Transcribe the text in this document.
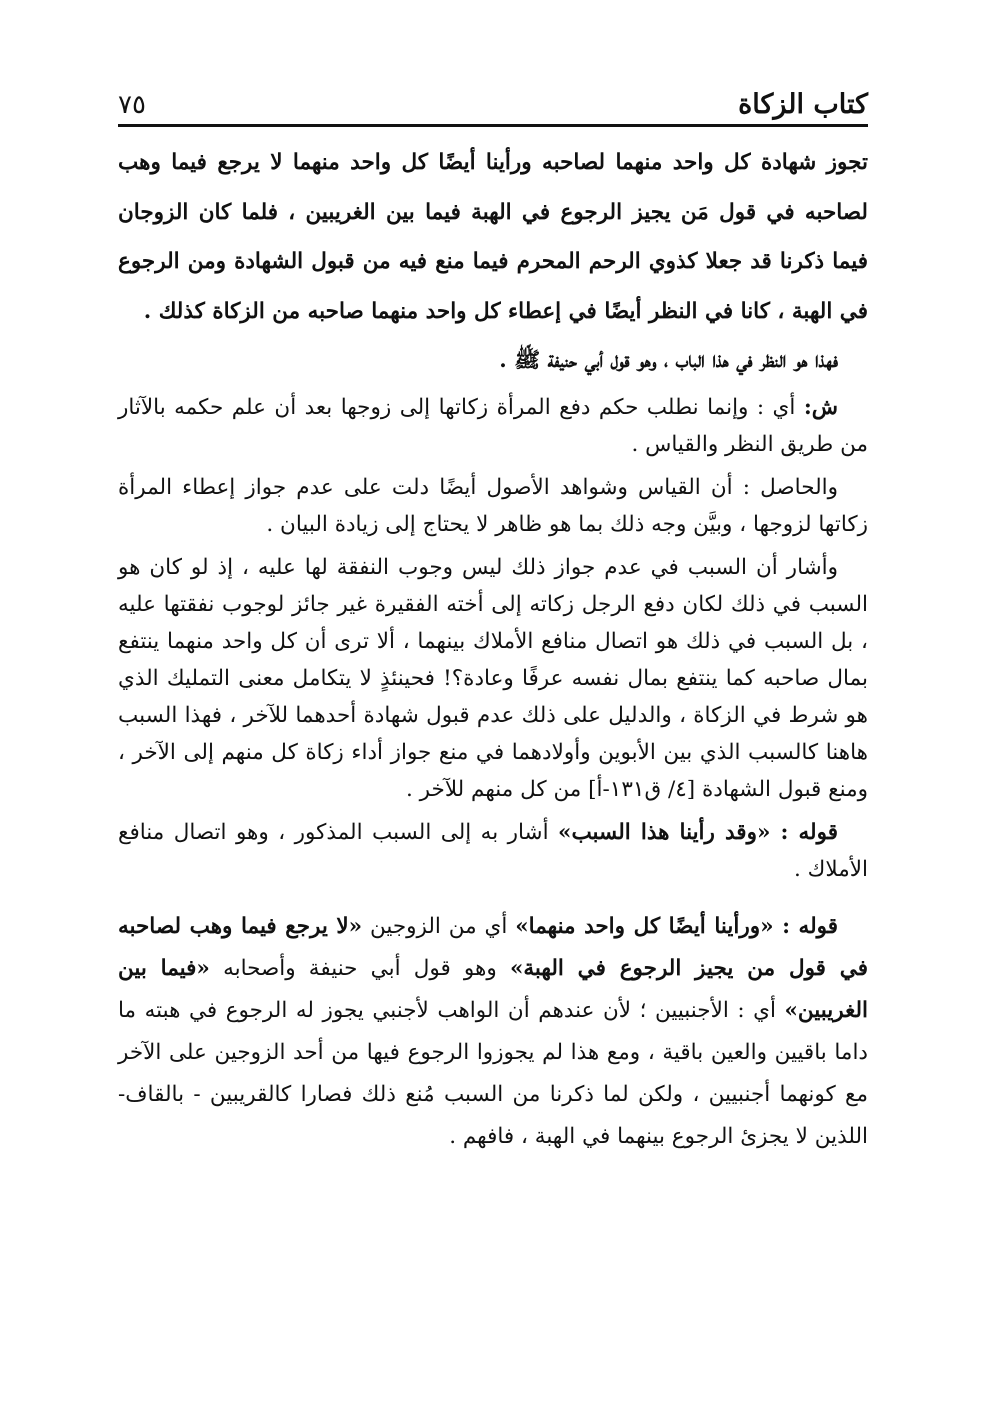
كتاب الزكاة
٧٥

تجوز شهادة كل واحد منهما لصاحبه ورأينا أيضًا كل واحد منهما لا يرجع فيما وهب لصاحبه في قول مَن يجيز الرجوع في الهبة فيما بين الغريبين ، فلما كان الزوجان فيما ذكرنا قد جعلا كذوي الرحم المحرم فيما منع فيه من قبول الشهادة ومن الرجوع في الهبة ، كانا في النظر أيضًا في إعطاء كل واحد منهما صاحبه من الزكاة كذلك .

فهذا هو النظر في هذا الباب ، وهو قول أبي حنيفة ﷺ .

ش: أي : وإنما نطلب حكم دفع المرأة زكاتها إلى زوجها بعد أن علم حكمه بالآثار من طريق النظر والقياس .

والحاصل : أن القياس وشواهد الأصول أيضًا دلت على عدم جواز إعطاء المرأة زكاتها لزوجها ، وبيَّن وجه ذلك بما هو ظاهر لا يحتاج إلى زيادة البيان .

وأشار أن السبب في عدم جواز ذلك ليس وجوب النفقة لها عليه ، إذ لو كان هو السبب في ذلك لكان دفع الرجل زكاته إلى أخته الفقيرة غير جائز لوجوب نفقتها عليه ، بل السبب في ذلك هو اتصال منافع الأملاك بينهما ، ألا ترى أن كل واحد منهما ينتفع بمال صاحبه كما ينتفع بمال نفسه عرفًا وعادة؟! فحينئذٍ لا يتكامل معنى التمليك الذي هو شرط في الزكاة ، والدليل على ذلك عدم قبول شهادة أحدهما للآخر ، فهذا السبب هاهنا كالسبب الذي بين الأبوين وأولادهما في منع جواز أداء زكاة كل منهم إلى الآخر ، ومنع قبول الشهادة [٤/ ق١٣١-أ] من كل منهم للآخر .

قوله : «وقد رأينا هذا السبب» أشار به إلى السبب المذكور ، وهو اتصال منافع الأملاك .

قوله : «ورأينا أيضًا كل واحد منهما» أي من الزوجين «لا يرجع فيما وهب لصاحبه في قول من يجيز الرجوع في الهبة» وهو قول أبي حنيفة وأصحابه «فيما بين الغريبين» أي : الأجنبيين ؛ لأن عندهم أن الواهب لأجنبي يجوز له الرجوع في هبته ما داما باقيين والعين باقية ، ومع هذا لم يجوزوا الرجوع فيها من أحد الزوجين على الآخر مع كونهما أجنبيين ، ولكن لما ذكرنا من السبب مُنع ذلك فصارا كالقريبين - بالقاف- اللذين لا يجزئ الرجوع بينهما في الهبة ، فافهم .
